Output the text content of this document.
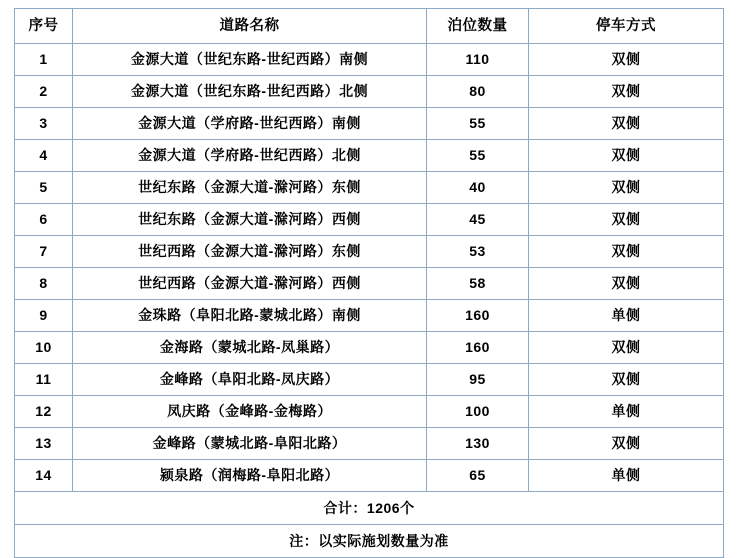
序号	道路名称	泊位数量	停车方式
1	金源大道（世纪东路-世纪西路）南侧	110	双侧
2	金源大道（世纪东路-世纪西路）北侧	80	双侧
3	金源大道（学府路-世纪西路）南侧	55	双侧
4	金源大道（学府路-世纪西路）北侧	55	双侧
5	世纪东路（金源大道-滁河路）东侧	40	双侧
6	世纪东路（金源大道-滁河路）西侧	45	双侧
7	世纪西路（金源大道-滁河路）东侧	53	双侧
8	世纪西路（金源大道-滁河路）西侧	58	双侧
9	金珠路（阜阳北路-蒙城北路）南侧	160	单侧
10	金海路（蒙城北路-凤巢路）	160	双侧
11	金峰路（阜阳北路-凤庆路）	95	双侧
12	凤庆路（金峰路-金梅路）	100	单侧
13	金峰路（蒙城北路-阜阳北路）	130	双侧
14	颍泉路（润梅路-阜阳北路）	65	单侧
合计：1206个			
注：以实际施划数量为准			
